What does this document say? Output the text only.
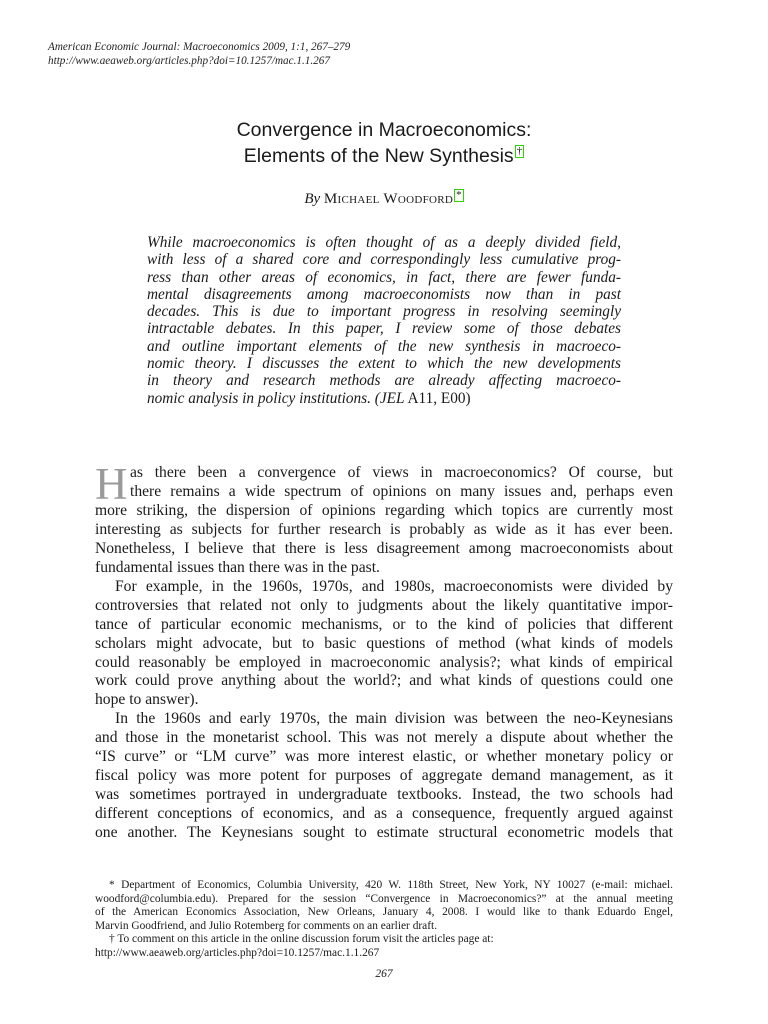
American Economic Journal: Macroeconomics 2009, 1:1, 267–279
http://www.aeaweb.org/articles.php?doi=10.1257/mac.1.1.267
Convergence in Macroeconomics:
Elements of the New Synthesis †
By Michael Woodford *
While macroeconomics is often thought of as a deeply divided field,
with less of a shared core and correspondingly less cumulative prog-
ress than other areas of economics, in fact, there are fewer funda-
mental disagreements among macroeconomists now than in past
decades. This is due to important progress in resolving seemingly
intractable debates. In this paper, I review some of those debates
and outline important elements of the new synthesis in macroeco-
nomic theory. I discusses the extent to which the new developments
in theory and research methods are already affecting macroeco-
nomic analysis in policy institutions. (JEL A11, E00)
H as there been a convergence of views in macroeconomics? Of course, but
there remains a wide spectrum of opinions on many issues and, perhaps even
more striking, the dispersion of opinions regarding which topics are currently most
interesting as subjects for further research is probably as wide as it has ever been.
Nonetheless, I believe that there is less disagreement among macroeconomists about
fundamental issues than there was in the past.
For example, in the 1960s, 1970s, and 1980s, macroeconomists were divided by
controversies that related not only to judgments about the likely quantitative impor-
tance of particular economic mechanisms, or to the kind of policies that different
scholars might advocate, but to basic questions of method (what kinds of models
could reasonably be employed in macroeconomic analysis?; what kinds of empirical
work could prove anything about the world?; and what kinds of questions could one
hope to answer).
In the 1960s and early 1970s, the main division was between the neo-Keynesians
and those in the monetarist school. This was not merely a dispute about whether the
“IS curve” or “LM curve” was more interest elastic, or whether monetary policy or
fiscal policy was more potent for purposes of aggregate demand management, as it
was sometimes portrayed in undergraduate textbooks. Instead, the two schools had
different conceptions of economics, and as a consequence, frequently argued against
one another. The Keynesians sought to estimate structural econometric models that
* Department of Economics, Columbia University, 420 W. 118th Street, New York, NY 10027 (e-mail: michael.
woodford@columbia.edu). Prepared for the session “Convergence in Macroeconomics?” at the annual meeting
of the American Economics Association, New Orleans, January 4, 2008. I would like to thank Eduardo Engel,
Marvin Goodfriend, and Julio Rotemberg for comments on an earlier draft.
† To comment on this article in the online discussion forum visit the articles page at:
http://www.aeaweb.org/articles.php?doi=10.1257/mac.1.1.267
267
